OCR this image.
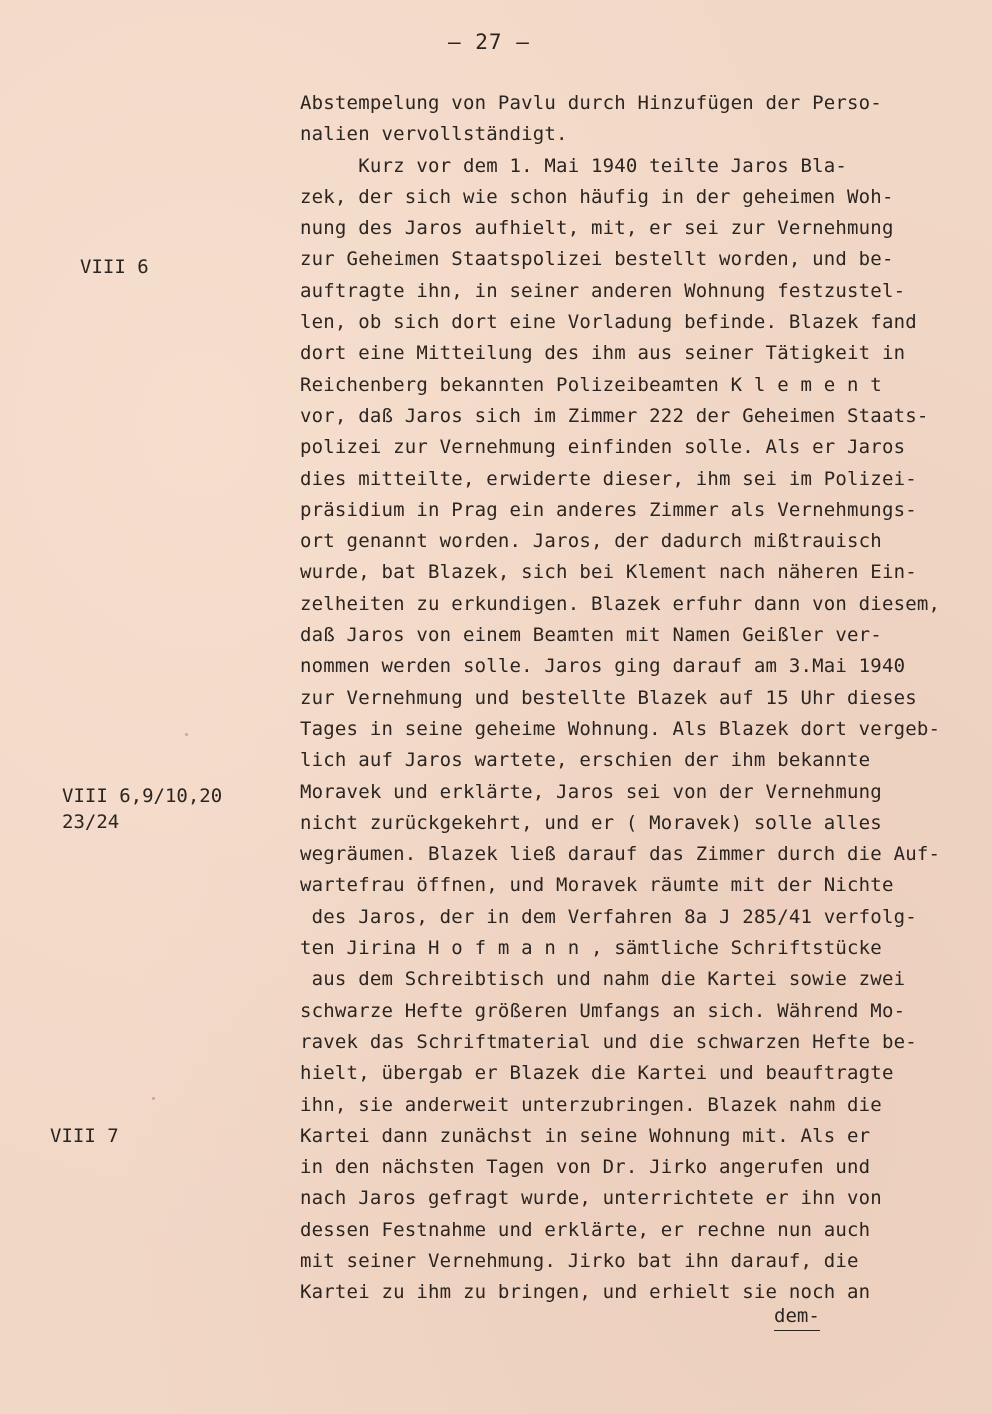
— 27 —
VIII 6
VIII 6,9/10,20
23/24
VIII 7
Abstempelung von Pavlu durch Hinzufügen der Perso-
nalien vervollständigt.
Kurz vor dem 1. Mai 1940 teilte Jaros Bla-
zek, der sich wie schon häufig in der geheimen Woh-
nung des Jaros aufhielt, mit, er sei zur Vernehmung
zur Geheimen Staatspolizei bestellt worden, und be-
auftragte ihn, in seiner anderen Wohnung festzustel-
len, ob sich dort eine Vorladung befinde. Blazek fand
dort eine Mitteilung des ihm aus seiner Tätigkeit in
Reichenberg bekannten Polizeibeamten K l e m e n t
vor, daß Jaros sich im Zimmer 222 der Geheimen Staats-
polizei zur Vernehmung einfinden solle. Als er Jaros
dies mitteilte, erwiderte dieser, ihm sei im Polizei-
präsidium in Prag ein anderes Zimmer als Vernehmungs-
ort genannt worden. Jaros, der dadurch mißtrauisch
wurde, bat Blazek, sich bei Klement nach näheren Ein-
zelheiten zu erkundigen. Blazek erfuhr dann von diesem,
daß Jaros von einem Beamten mit Namen Geißler ver-
nommen werden solle. Jaros ging darauf am 3.Mai 1940
zur Vernehmung und bestellte Blazek auf 15 Uhr dieses
Tages in seine geheime Wohnung. Als Blazek dort vergeb-
lich auf Jaros wartete, erschien der ihm bekannte
Moravek und erklärte, Jaros sei von der Vernehmung
nicht zurückgekehrt, und er ( Moravek) solle alles
wegräumen. Blazek ließ darauf das Zimmer durch die Auf-
wartefrau öffnen, und Moravek räumte mit der Nichte
des Jaros, der in dem Verfahren 8a J 285/41 verfolg-
ten Jirina H o f m a n n , sämtliche Schriftstücke
aus dem Schreibtisch und nahm die Kartei sowie zwei
schwarze Hefte größeren Umfangs an sich. Während Mo-
ravek das Schriftmaterial und die schwarzen Hefte be-
hielt, übergab er Blazek die Kartei und beauftragte
ihn, sie anderweit unterzubringen. Blazek nahm die
Kartei dann zunächst in seine Wohnung mit. Als er
in den nächsten Tagen von Dr. Jirko angerufen und
nach Jaros gefragt wurde, unterrichtete er ihn von
dessen Festnahme und erklärte, er rechne nun auch
mit seiner Vernehmung. Jirko bat ihn darauf, die
Kartei zu ihm zu bringen, und erhielt sie noch an
dem-
